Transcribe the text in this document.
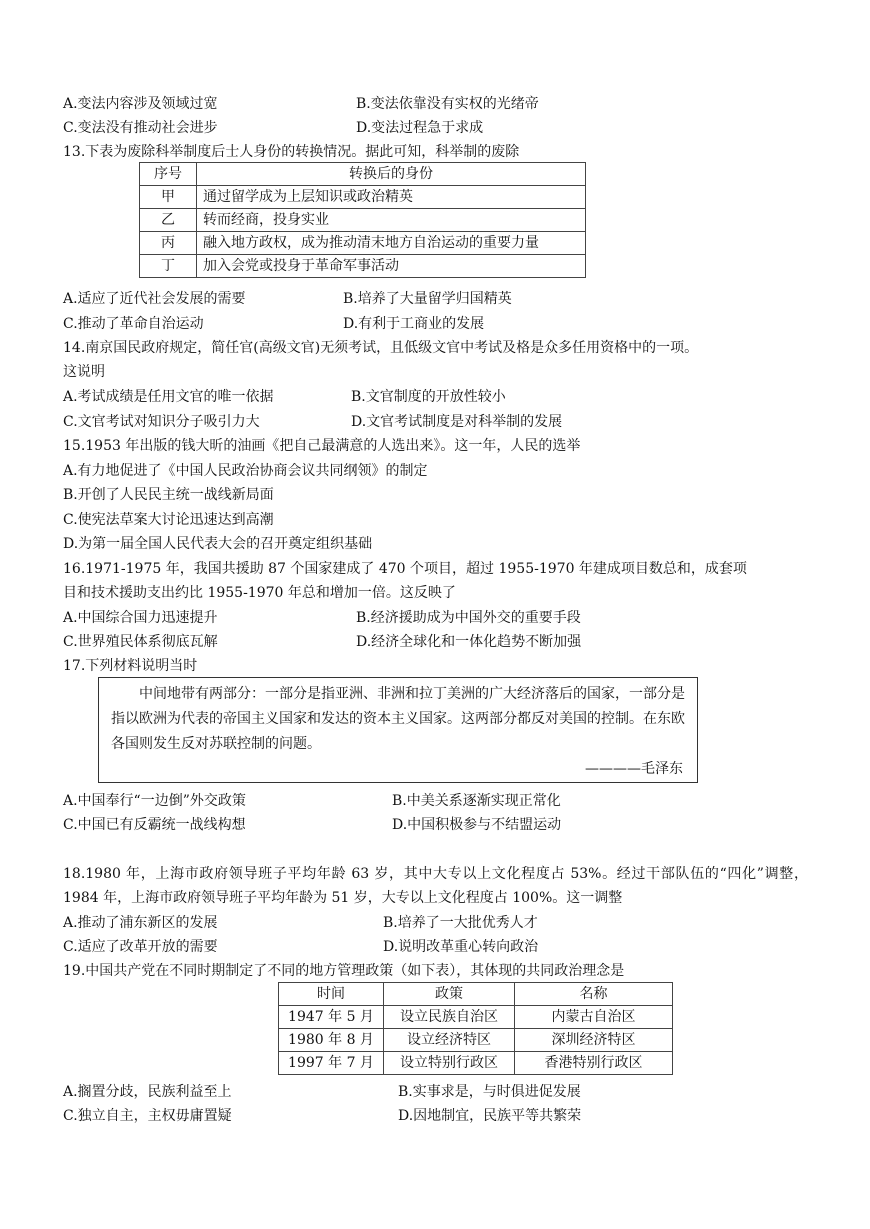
A.变法内容涉及领域过宽	B.变法依靠没有实权的光绪帝
C.变法没有推动社会进步	D.变法过程急于求成
13.下表为废除科举制度后士人身份的转换情况。据此可知，科举制的废除
序号	转换后的身份
甲	通过留学成为上层知识或政治精英
乙	转而经商，投身实业
丙	融入地方政权，成为推动清末地方自治运动的重要力量
丁	加入会党或投身于革命军事活动
A.适应了近代社会发展的需要	B.培养了大量留学归国精英
C.推动了革命自治运动	D.有利于工商业的发展
14.南京国民政府规定，简任官(高级文官)无须考试，且低级文官中考试及格是众多任用资格中的一项。
这说明
A.考试成绩是任用文官的唯一依据	B.文官制度的开放性较小
C.文官考试对知识分子吸引力大	D.文官考试制度是对科举制的发展
15.1953 年出版的钱大昕的油画《把自己最满意的人选出来》。这一年，人民的选举
A.有力地促进了《中国人民政治协商会议共同纲领》的制定
B.开创了人民民主统一战线新局面
C.使宪法草案大讨论迅速达到高潮
D.为第一届全国人民代表大会的召开奠定组织基础
16.1971-1975 年，我国共援助 87 个国家建成了 470 个项目，超过 1955-1970 年建成项目数总和，成套项
目和技术援助支出约比 1955-1970 年总和增加一倍。这反映了
A.中国综合国力迅速提升	B.经济援助成为中国外交的重要手段
C.世界殖民体系彻底瓦解	D.经济全球化和一体化趋势不断加强
17.下列材料说明当时
中间地带有两部分：一部分是指亚洲、非洲和拉丁美洲的广大经济落后的国家，一部分是指以欧洲为代表的帝国主义国家和发达的资本主义国家。这两部分都反对美国的控制。在东欧各国则发生反对苏联控制的问题。
————毛泽东
A.中国奉行“一边倒”外交政策	B.中美关系逐渐实现正常化
C.中国已有反霸统一战线构想	D.中国积极参与不结盟运动
18.1980 年，上海市政府领导班子平均年龄 63 岁，其中大专以上文化程度占 53%。经过干部队伍的“四化”调整，1984 年，上海市政府领导班子平均年龄为 51 岁，大专以上文化程度占 100%。这一调整
A.推动了浦东新区的发展	B.培养了一大批优秀人才
C.适应了改革开放的需要	D.说明改革重心转向政治
19.中国共产党在不同时期制定了不同的地方管理政策（如下表），其体现的共同政治理念是
时间	政策	名称
1947 年 5 月	设立民族自治区	内蒙古自治区
1980 年 8 月	设立经济特区	深圳经济特区
1997 年 7 月	设立特别行政区	香港特别行政区
A.搁置分歧，民族利益至上	B.实事求是，与时俱进促发展
C.独立自主，主权毋庸置疑	D.因地制宜，民族平等共繁荣
